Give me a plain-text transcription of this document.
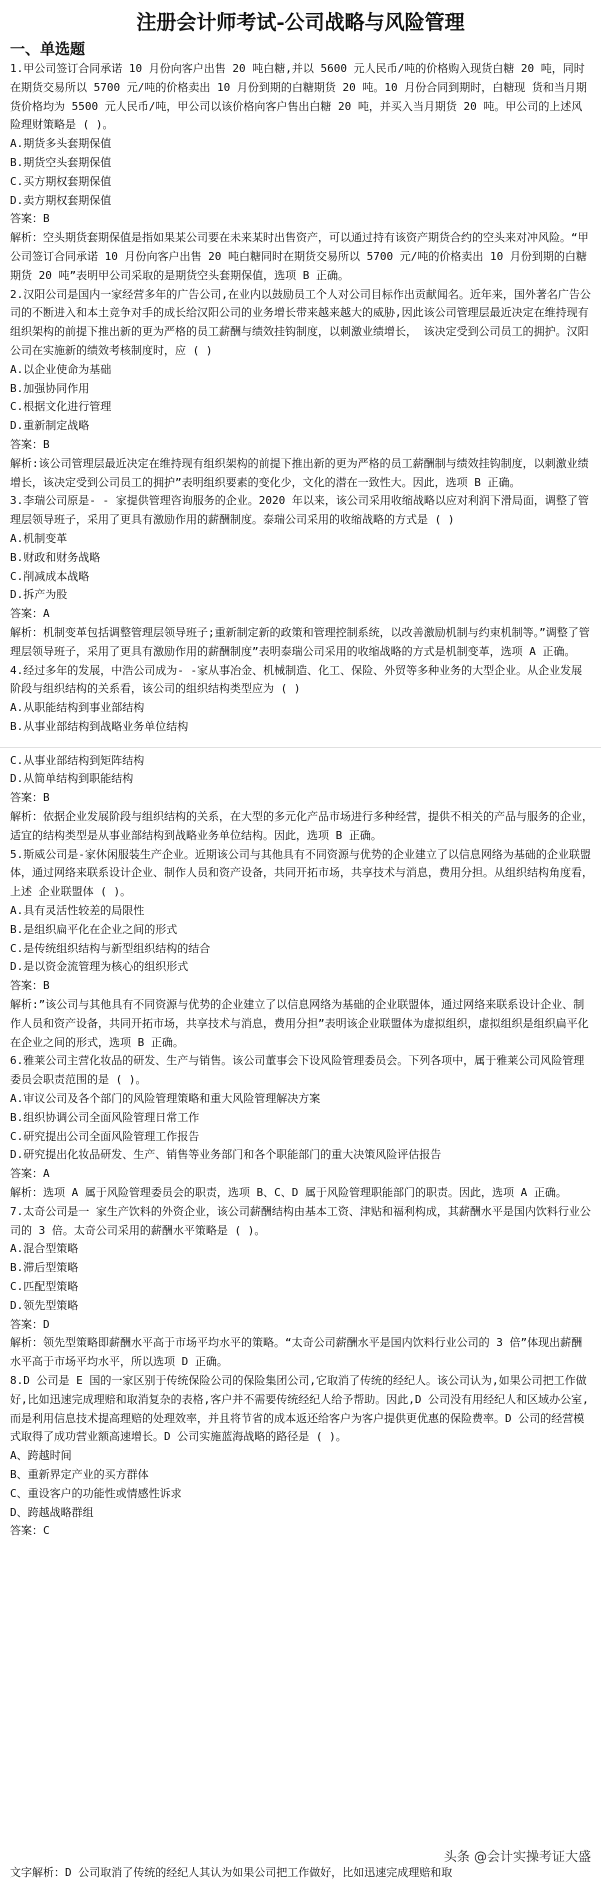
注册会计师考试-公司战略与风险管理
一、单选题

1.甲公司签订合同承诺 10 月份向客户出售 20 吨白糖,并以 5600 元人民币/吨的价格购入现货白糖 20 吨，同时在期货交易所以 5700 元/吨的价格卖出 10 月份到期的白糖期货 20 吨。10 月份合同到期时，白糖现 货和当月期货价格均为 5500 元人民币/吨，甲公司以该价格向客户售出白糖 20 吨，并买入当月期货 20 吨。甲公司的上述风险理财策略是 ( )。

A.期货多头套期保值

B.期货空头套期保值

C.买方期权套期保值

D.卖方期权套期保值

答案：B

解析：空头期货套期保值是指如果某公司要在未来某时出售资产，可以通过持有该资产期货合约的空头来对冲风险。“甲公司签订合同承诺 10 月份向客户出售 20 吨白糖同时在期货交易所以 5700 元/吨的价格卖出 10 月份到期的白糖期货 20 吨”表明甲公司采取的是期货空头套期保值，选项 B 正确。

2.汉阳公司是国内一家经营多年的广告公司,在业内以鼓励员工个人对公司目标作出贡献闻名。近年来，国外著名广告公司的不断进入和本土竞争对手的成长给汉阳公司的业务增长带来越来越大的威胁,因此该公司管理层最近决定在维持现有组织架构的前提下推出新的更为严格的员工薪酬与绩效挂钩制度，以刺激业绩增长， 该决定受到公司员工的拥护。汉阳公司在实施新的绩效考核制度时，应 ( )

A.以企业使命为基础

B.加强协同作用

C.根据文化进行管理

D.重新制定战略

答案：B

解析:该公司管理层最近决定在维持现有组织架构的前提下推出新的更为严格的员工薪酬制与绩效挂钩制度，以刺激业绩增长，该决定受到公司员工的拥护”表明组织要素的变化少，文化的潜在一致性大。因此，选项 B 正确。

3.李瑞公司原是- - 家提供管理咨询服务的企业。2020 年以来，该公司采用收缩战略以应对利润下滑局面，调整了管理层领导班子，采用了更具有激励作用的薪酬制度。泰瑞公司采用的收缩战略的方式是 ( )

A.机制变革

B.财政和财务战略

C.削减成本战略

D.拆产为股

答案：A

解析：机制变革包括调整管理层领导班子;重新制定新的政策和管理控制系统，以改善激励机制与约束机制等。”调整了管理层领导班子，采用了更具有激励作用的薪酬制度”表明泰瑞公司采用的收缩战略的方式是机制变革，选项 A 正确。

4.经过多年的发展，中浩公司成为- -家从事冶金、机械制造、化工、保险、外贸等多种业务的大型企业。从企业发展阶段与组织结构的关系看，该公司的组织结构类型应为 ( )

A.从职能结构到事业部结构

B.从事业部结构到战略业务单位结构

C.从事业部结构到矩阵结构

D.从简单结构到职能结构

答案：B

解析：依据企业发展阶段与组织结构的关系，在大型的多元化产品市场进行多种经营，提供不相关的产品与服务的企业，适宜的结构类型是从事业部结构到战略业务单位结构。因此，选项 B 正确。

5.斯威公司是-家休闲服装生产企业。近期该公司与其他具有不同资源与优势的企业建立了以信息网络为基础的企业联盟体，通过网络来联系设计企业、制作人员和资产设备，共同开拓市场，共享技术与消息，费用分担。从组织结构角度看，上述 企业联盟体 ( )。

A.具有灵活性较差的局限性

B.是组织扁平化在企业之间的形式

C.是传统组织结构与新型组织结构的结合

D.是以资金流管理为核心的组织形式

答案：B

解析:”该公司与其他具有不同资源与优势的企业建立了以信息网络为基础的企业联盟体，通过网络来联系设计企业、制作人员和资产设备，共同开拓市场，共享技术与消息，费用分担”表明该企业联盟体为虚拟组织，虚拟组织是组织扁平化在企业之间的形式，选项 B 正确。

6.雅莱公司主营化妆品的研发、生产与销售。该公司董事会下设风险管理委员会。下列各项中，属于雅莱公司风险管理委员会职责范围的是 ( )。

A.审议公司及各个部门的风险管理策略和重大风险管理解决方案

B.组织协调公司全面风险管理日常工作

C.研究提出公司全面风险管理工作报告

D.研究提出化妆品研发、生产、销售等业务部门和各个职能部门的重大决策风险评估报告

答案：A

解析：选项 A 属于风险管理委员会的职责，选项 B、C、D 属于风险管理职能部门的职责。因此，选项 A 正确。

7.太奇公司是一 家生产饮料的外资企业，该公司薪酬结构由基本工资、津贴和福利构成，其薪酬水平是国内饮料行业公司的 3 倍。太奇公司采用的薪酬水平策略是 ( )。

A.混合型策略

B.滞后型策略

C.匹配型策略

D.领先型策略

答案：D

解析：领先型策略即薪酬水平高于市场平均水平的策略。“太奇公司薪酬水平是国内饮料行业公司的 3 倍”体现出薪酬水平高于市场平均水平，所以选项 D 正确。

8.D 公司是 E 国的一家区别于传统保险公司的保险集团公司,它取消了传统的经纪人。该公司认为,如果公司把工作做好,比如迅速完成理赔和取消复杂的表格,客户并不需要传统经纪人给予帮助。因此,D 公司没有用经纪人和区域办公室,而是利用信息技术提高理赔的处理效率，并且将节省的成本返还给客户为客户提供更优惠的保险费率。D 公司的经营模式取得了成功营业额高速增长。D 公司实施蓝海战略的路径是 ( )。

A、跨越时间

B、重新界定产业的买方群体

C、重设客户的功能性或情感性诉求

D、跨越战略群组

答案：C

文字解析：D 公司取消了传统的经纪人其认为如果公司把工作做好，比如迅速完成理赔和取
头条 @会计实操考证大盛
